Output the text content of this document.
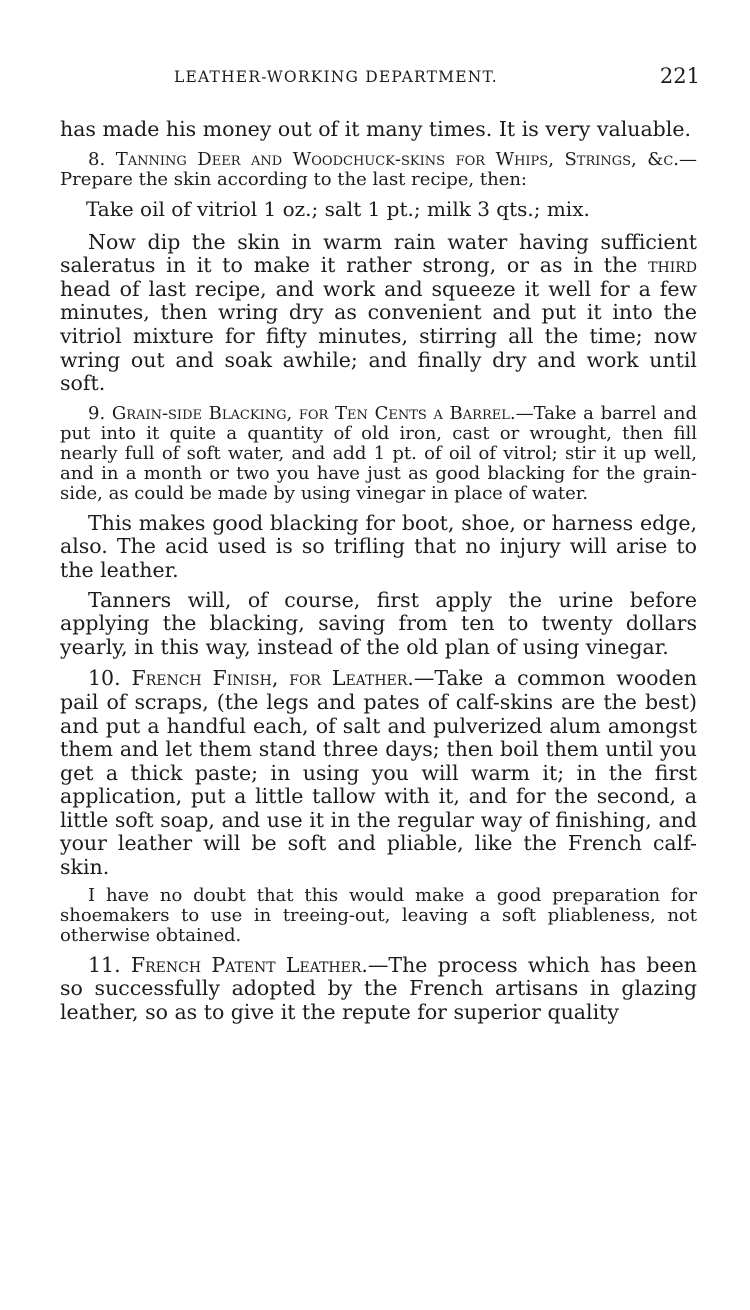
LEATHER-WORKING DEPARTMENT.	221

has made his money out of it many times. It is very valuable.

8. Tanning Deer and Woodchuck-skins for Whips, Strings, &c.—Prepare the skin according to the last recipe, then:

Take oil of vitriol 1 oz.; salt 1 pt.; milk 3 qts.; mix.

Now dip the skin in warm rain water having sufficient saleratus in it to make it rather strong, or as in the third head of last recipe, and work and squeeze it well for a few minutes, then wring dry as convenient and put it into the vitriol mixture for fifty minutes, stirring all the time; now wring out and soak awhile; and finally dry and work until soft.

9. Grain-side Blacking, for Ten Cents a Barrel.—Take a barrel and put into it quite a quantity of old iron, cast or wrought, then fill nearly full of soft water, and add 1 pt. of oil of vitrol; stir it up well, and in a month or two you have just as good blacking for the grain-side, as could be made by using vinegar in place of water.

This makes good blacking for boot, shoe, or harness edge, also. The acid used is so trifling that no injury will arise to the leather.

Tanners will, of course, first apply the urine before applying the blacking, saving from ten to twenty dollars yearly, in this way, instead of the old plan of using vinegar.

10. French Finish, for Leather.—Take a common wooden pail of scraps, (the legs and pates of calf-skins are the best) and put a handful each, of salt and pulverized alum amongst them and let them stand three days; then boil them until you get a thick paste; in using you will warm it; in the first application, put a little tallow with it, and for the second, a little soft soap, and use it in the regular way of finishing, and your leather will be soft and pliable, like the French calf-skin.

I have no doubt that this would make a good preparation for shoemakers to use in treeing-out, leaving a soft pliableness, not otherwise obtained.

11. French Patent Leather.—The process which has been so successfully adopted by the French artisans in glazing leather, so as to give it the repute for superior quality
